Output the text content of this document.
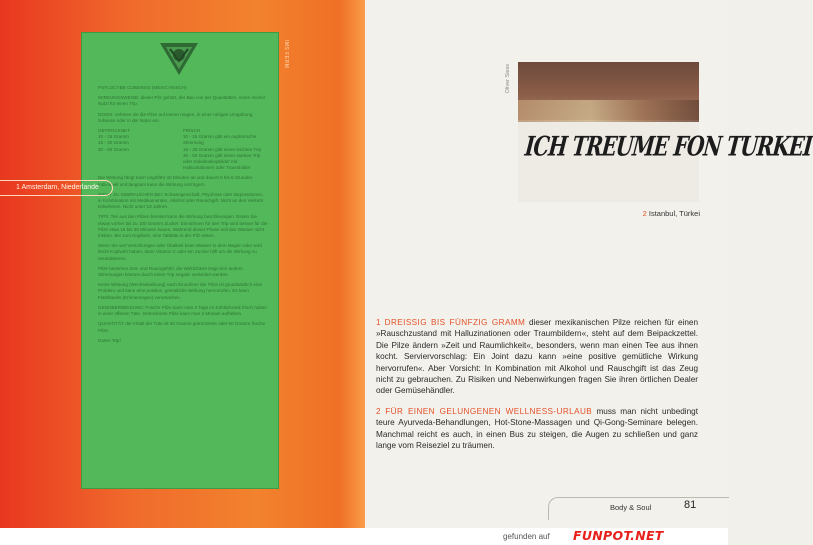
PSYLOCYBE CUBENSIS (MEXICANISCH)

WIRKUNGSWEISE: dieser Pilz gehört, der Bau von der Quantitäten, einen reicher Nutzt für einen Trip.

DOSIS: nehmen sie die Pilze auf leeren magen, in einer ruhigen Umgebung, zuhause oder in der Natur ein.

GETROCKNET
10 - 15 Gramm
15 - 30 Gramm
30 - 50 Gramm
FRISCH
10 - 15 Gramm gibt ein euphorische Stimmung
15 - 30 Gramm gibt einen leichten Trip
30 - 50 Gramm gibt einen starken Trip oder Kaleidoskopbilder mit Halluzinationen oder Traumbilder

Die Wirkung fängt nach ungefähr 40 Minuten an und dauert 6 bis 8 Stunden. Individuell und langsam kann die Wirkung verzögern.

NICHT ZU GEBRAUCHEN BEI: Schwangerschaft, Psychose oder Depressionen, in Kombination mit Medikamenten, Alkohol oder Rauschgift. Nicht an den Verkehr teilnehmen. Nicht unter 18 Jahren.

TIPS: Tee aus den Pilzen bereitet kann die Wirkung beschleunigen. Essen Sie etwas vorher bis zu 100 Gramm Zucker. Einnahmen für den Trip sind besser für die Pilze etwa 15 bis 30 Minuten kauen. Während dieser Phase soll das Wasser nicht trinken. Bei zum Kopfweh, eine Tablette in der Pilz essen.

Wenn Sie viel Verschlungen oder Übelkeit beim Wasser in dem Magen oder wird leicht Kopfweh haben, dann Vitamin C oder ein Zucker hilft um die Wirkung zu neutralisieren.

Pilze bestehen Zeit- und Raumgefühl, die Wirklichkeit zeigt sich anders. Stimmungen können durch einen Trip negativ verändert werden.

Keine Wirkung (Wechselwirkung) nach Einnahme der Pilze ist grundsätzlich eine Problem und kann eine positive, gemütliche Wirkung hervorrufen. Es kann Flashbacks (Erinnerungen) verursachen.

GENOBERWEISUNG: Frische Pilze kann man 3 Tage im Kühlschrank frisch halten in einer offenen Tüte. Getrocknete Pilze kann man 3 Monate aufheben.

QUANTITÄT der Inhalt der Tüte ist 50 Gramm getrocknete oder 50 Gramm frische Pilze.

Guten Trip!

IMS FERM
1 Amsterdam, Niederlande
Oliver Siess
ICH TREUME FON TURKEI
2 Istanbul, Türkei

1 DREISSIG BIS FÜNFZIG GRAMM dieser mexikanischen Pilze reichen für einen »Rauschzustand mit Halluzinationen oder Traumbildern«, steht auf dem Beipackzettel. Die Pilze ändern »Zeit und Raumlichkeit«, besonders, wenn man einen Tee aus ihnen kocht. Serviervorschlag: Ein Joint dazu kann »eine positive gemütliche Wirkung hervorrufen«. Aber Vorsicht: In Kombination mit Alkohol und Rauschgift ist das Zeug nicht zu gebrauchen. Zu Risiken und Nebenwirkungen fragen Sie ihren örtlichen Dealer oder Gemüsehändler.

2 FÜR EINEN GELUNGENEN WELLNESS-URLAUB muss man nicht unbedingt teure Ayurveda-Behandlungen, Hot-Stone-Massagen und Qi-Gong-Seminare belegen. Manchmal reicht es auch, in einen Bus zu steigen, die Augen zu schließen und ganz lange vom Reiseziel zu träumen.

Body & Soul	81
gefunden auf FUNPOT.NET
